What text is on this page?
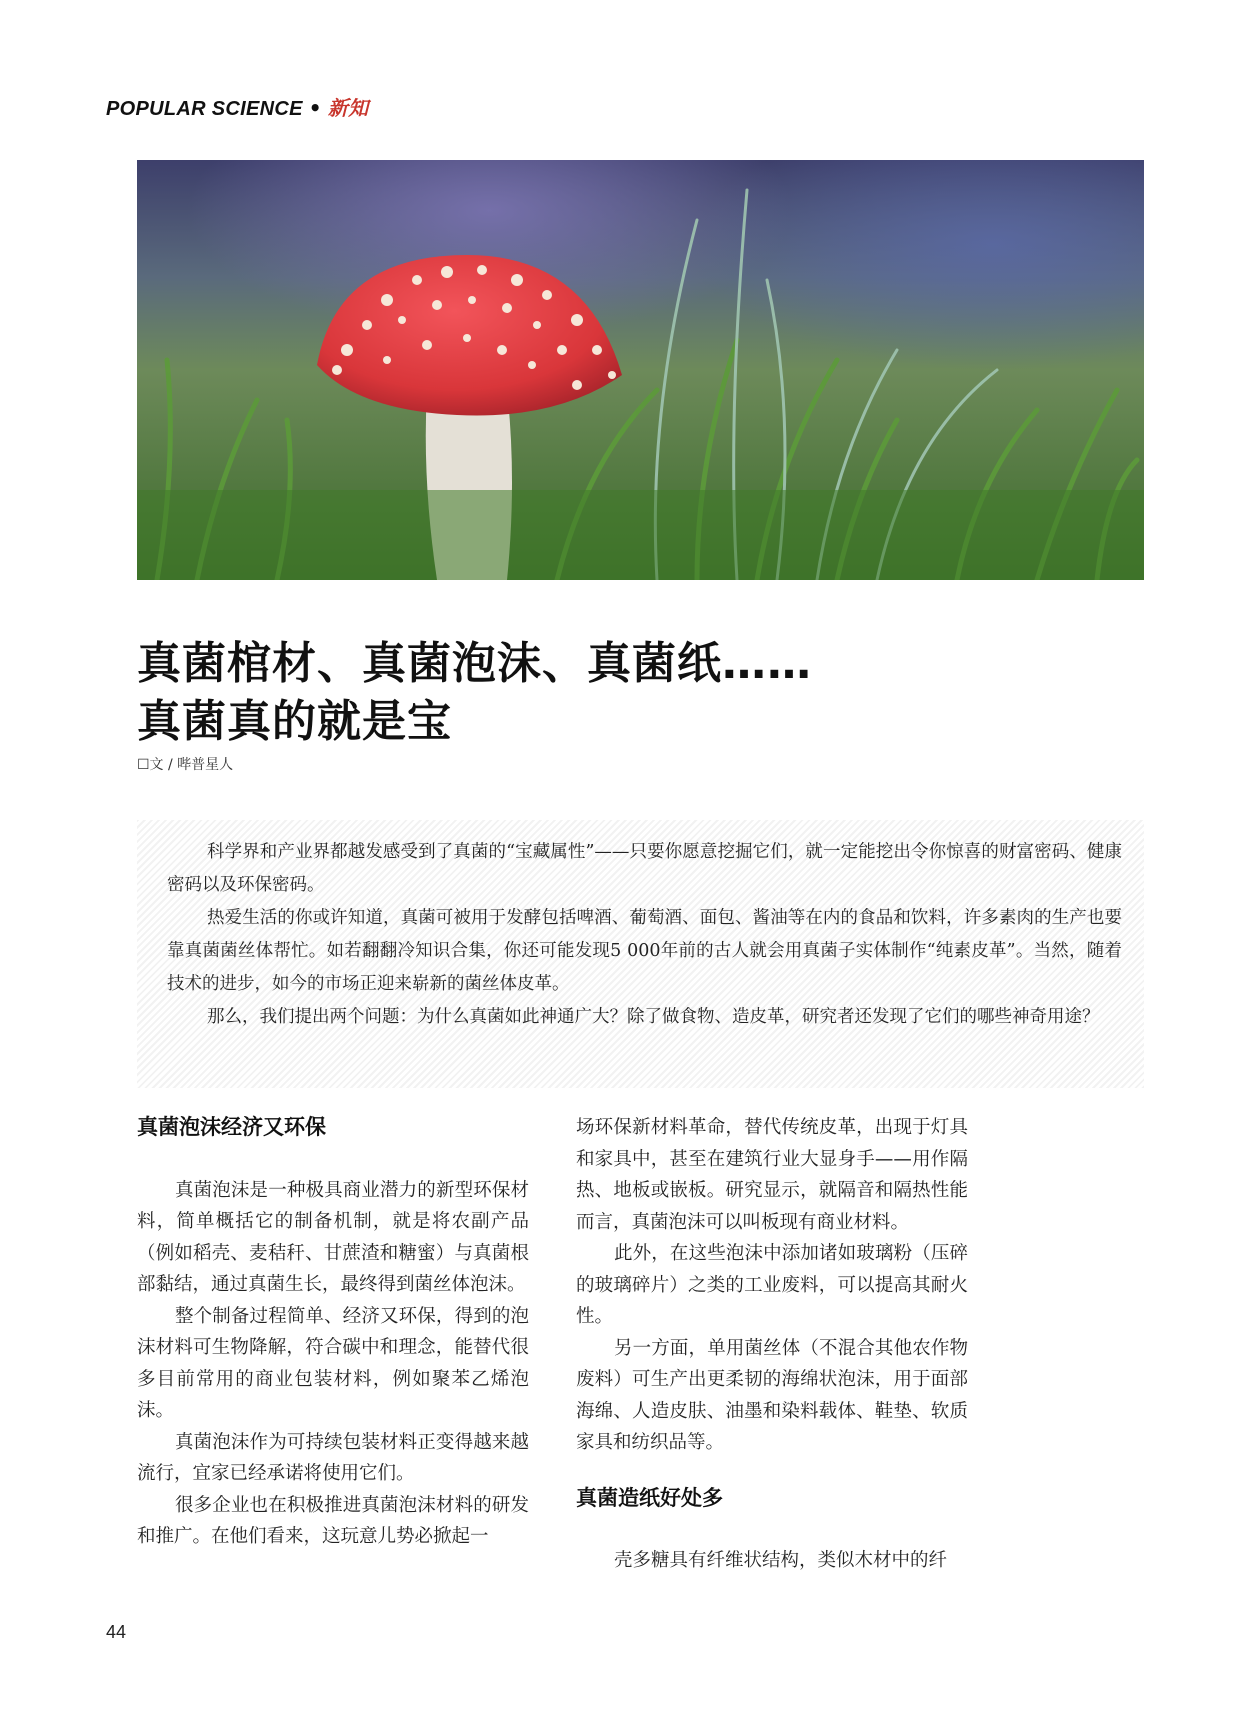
POPULAR SCIENCE • 新知
真菌棺材、真菌泡沫、真菌纸……
真菌真的就是宝
☐文 / 哔普星人

科学界和产业界都越发感受到了真菌的“宝藏属性”——只要你愿意挖掘它们，就一定能挖出令你惊喜的财富密码、健康密码以及环保密码。

热爱生活的你或许知道，真菌可被用于发酵包括啤酒、葡萄酒、面包、酱油等在内的食品和饮料，许多素肉的生产也要靠真菌菌丝体帮忙。如若翻翻冷知识合集，你还可能发现5 000年前的古人就会用真菌子实体制作“纯素皮革”。当然，随着技术的进步，如今的市场正迎来崭新的菌丝体皮革。

那么，我们提出两个问题：为什么真菌如此神通广大？除了做食物、造皮革，研究者还发现了它们的哪些神奇用途？

真菌泡沫经济又环保

真菌泡沫是一种极具商业潜力的新型环保材料，简单概括它的制备机制，就是将农副产品（例如稻壳、麦秸秆、甘蔗渣和糖蜜）与真菌根部黏结，通过真菌生长，最终得到菌丝体泡沫。

整个制备过程简单、经济又环保，得到的泡沫材料可生物降解，符合碳中和理念，能替代很多目前常用的商业包装材料，例如聚苯乙烯泡沫。

真菌泡沫作为可持续包装材料正变得越来越流行，宜家已经承诺将使用它们。

很多企业也在积极推进真菌泡沫材料的研发和推广。在他们看来，这玩意儿势必掀起一

场环保新材料革命，替代传统皮革，出现于灯具和家具中，甚至在建筑行业大显身手——用作隔热、地板或嵌板。研究显示，就隔音和隔热性能而言，真菌泡沫可以叫板现有商业材料。

此外，在这些泡沫中添加诸如玻璃粉（压碎的玻璃碎片）之类的工业废料，可以提高其耐火性。

另一方面，单用菌丝体（不混合其他农作物废料）可生产出更柔韧的海绵状泡沫，用于面部海绵、人造皮肤、油墨和染料载体、鞋垫、软质家具和纺织品等。

真菌造纸好处多

壳多糖具有纤维状结构，类似木材中的纤

44
